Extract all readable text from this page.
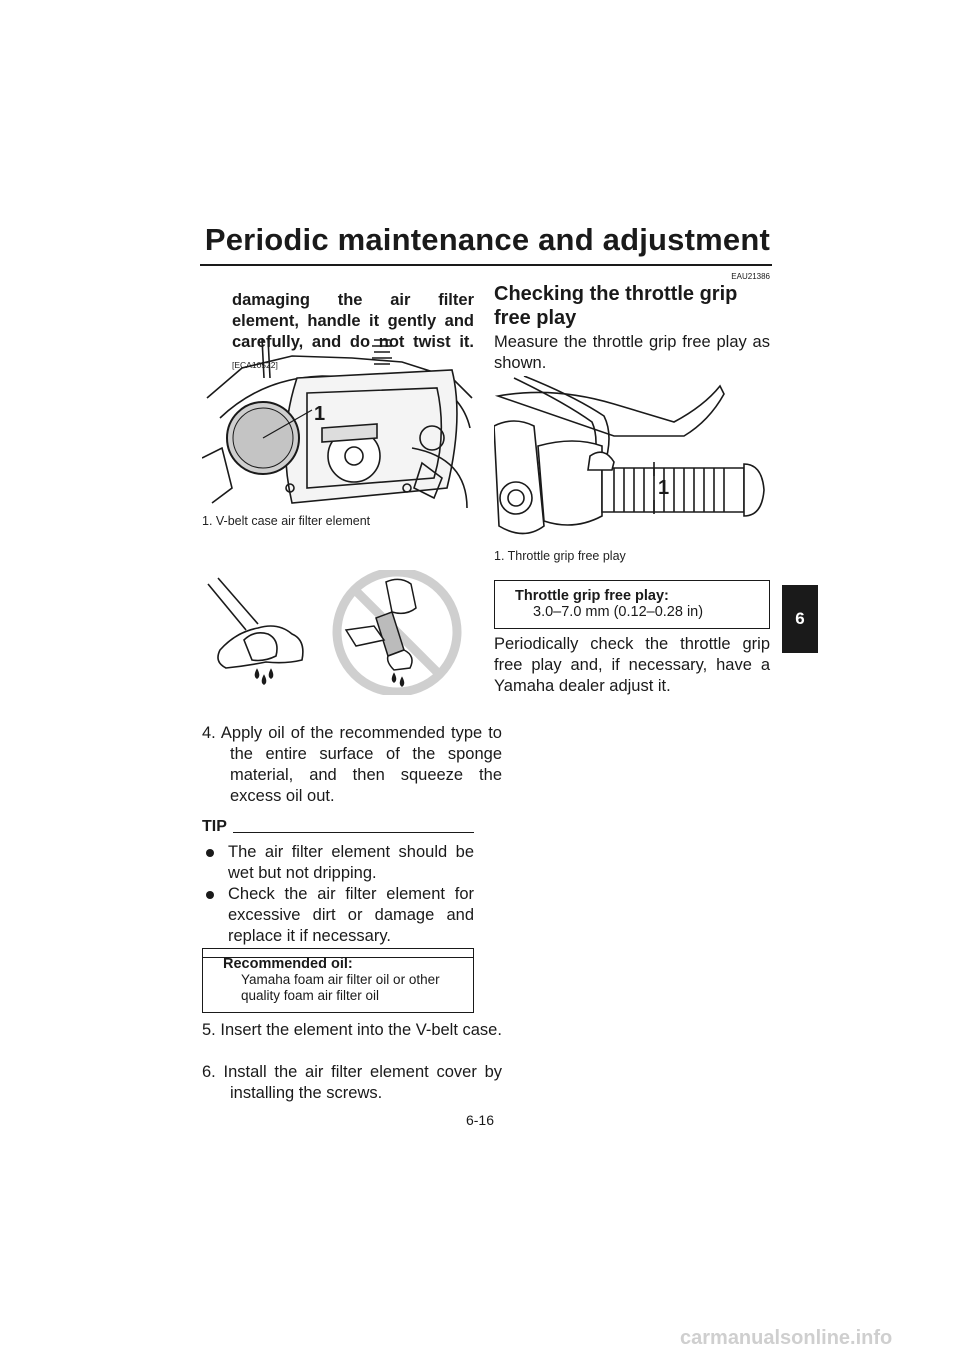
Periodic maintenance and adjustment
6
damaging the air filter element, handle it gently and carefully, and do not twist it. [ECA10522]
1
1. V-belt case air filter element
4. Apply oil of the recommended type to the entire surface of the sponge material, and then squeeze the excess oil out.
TIP
The air filter element should be wet but not dripping.
Check the air filter element for excessive dirt or damage and replace it if necessary.
Recommended oil:
Yamaha foam air filter oil or other quality foam air filter oil
5. Insert the element into the V-belt case.
6. Install the air filter element cover by installing the screws.
EAU21386
Checking the throttle grip free play
Measure the throttle grip free play as shown.
1
1. Throttle grip free play
Throttle grip free play:
3.0–7.0 mm (0.12–0.28 in)
Periodically check the throttle grip free play and, if necessary, have a Yamaha dealer adjust it.
6-16
carmanualsonline.info
